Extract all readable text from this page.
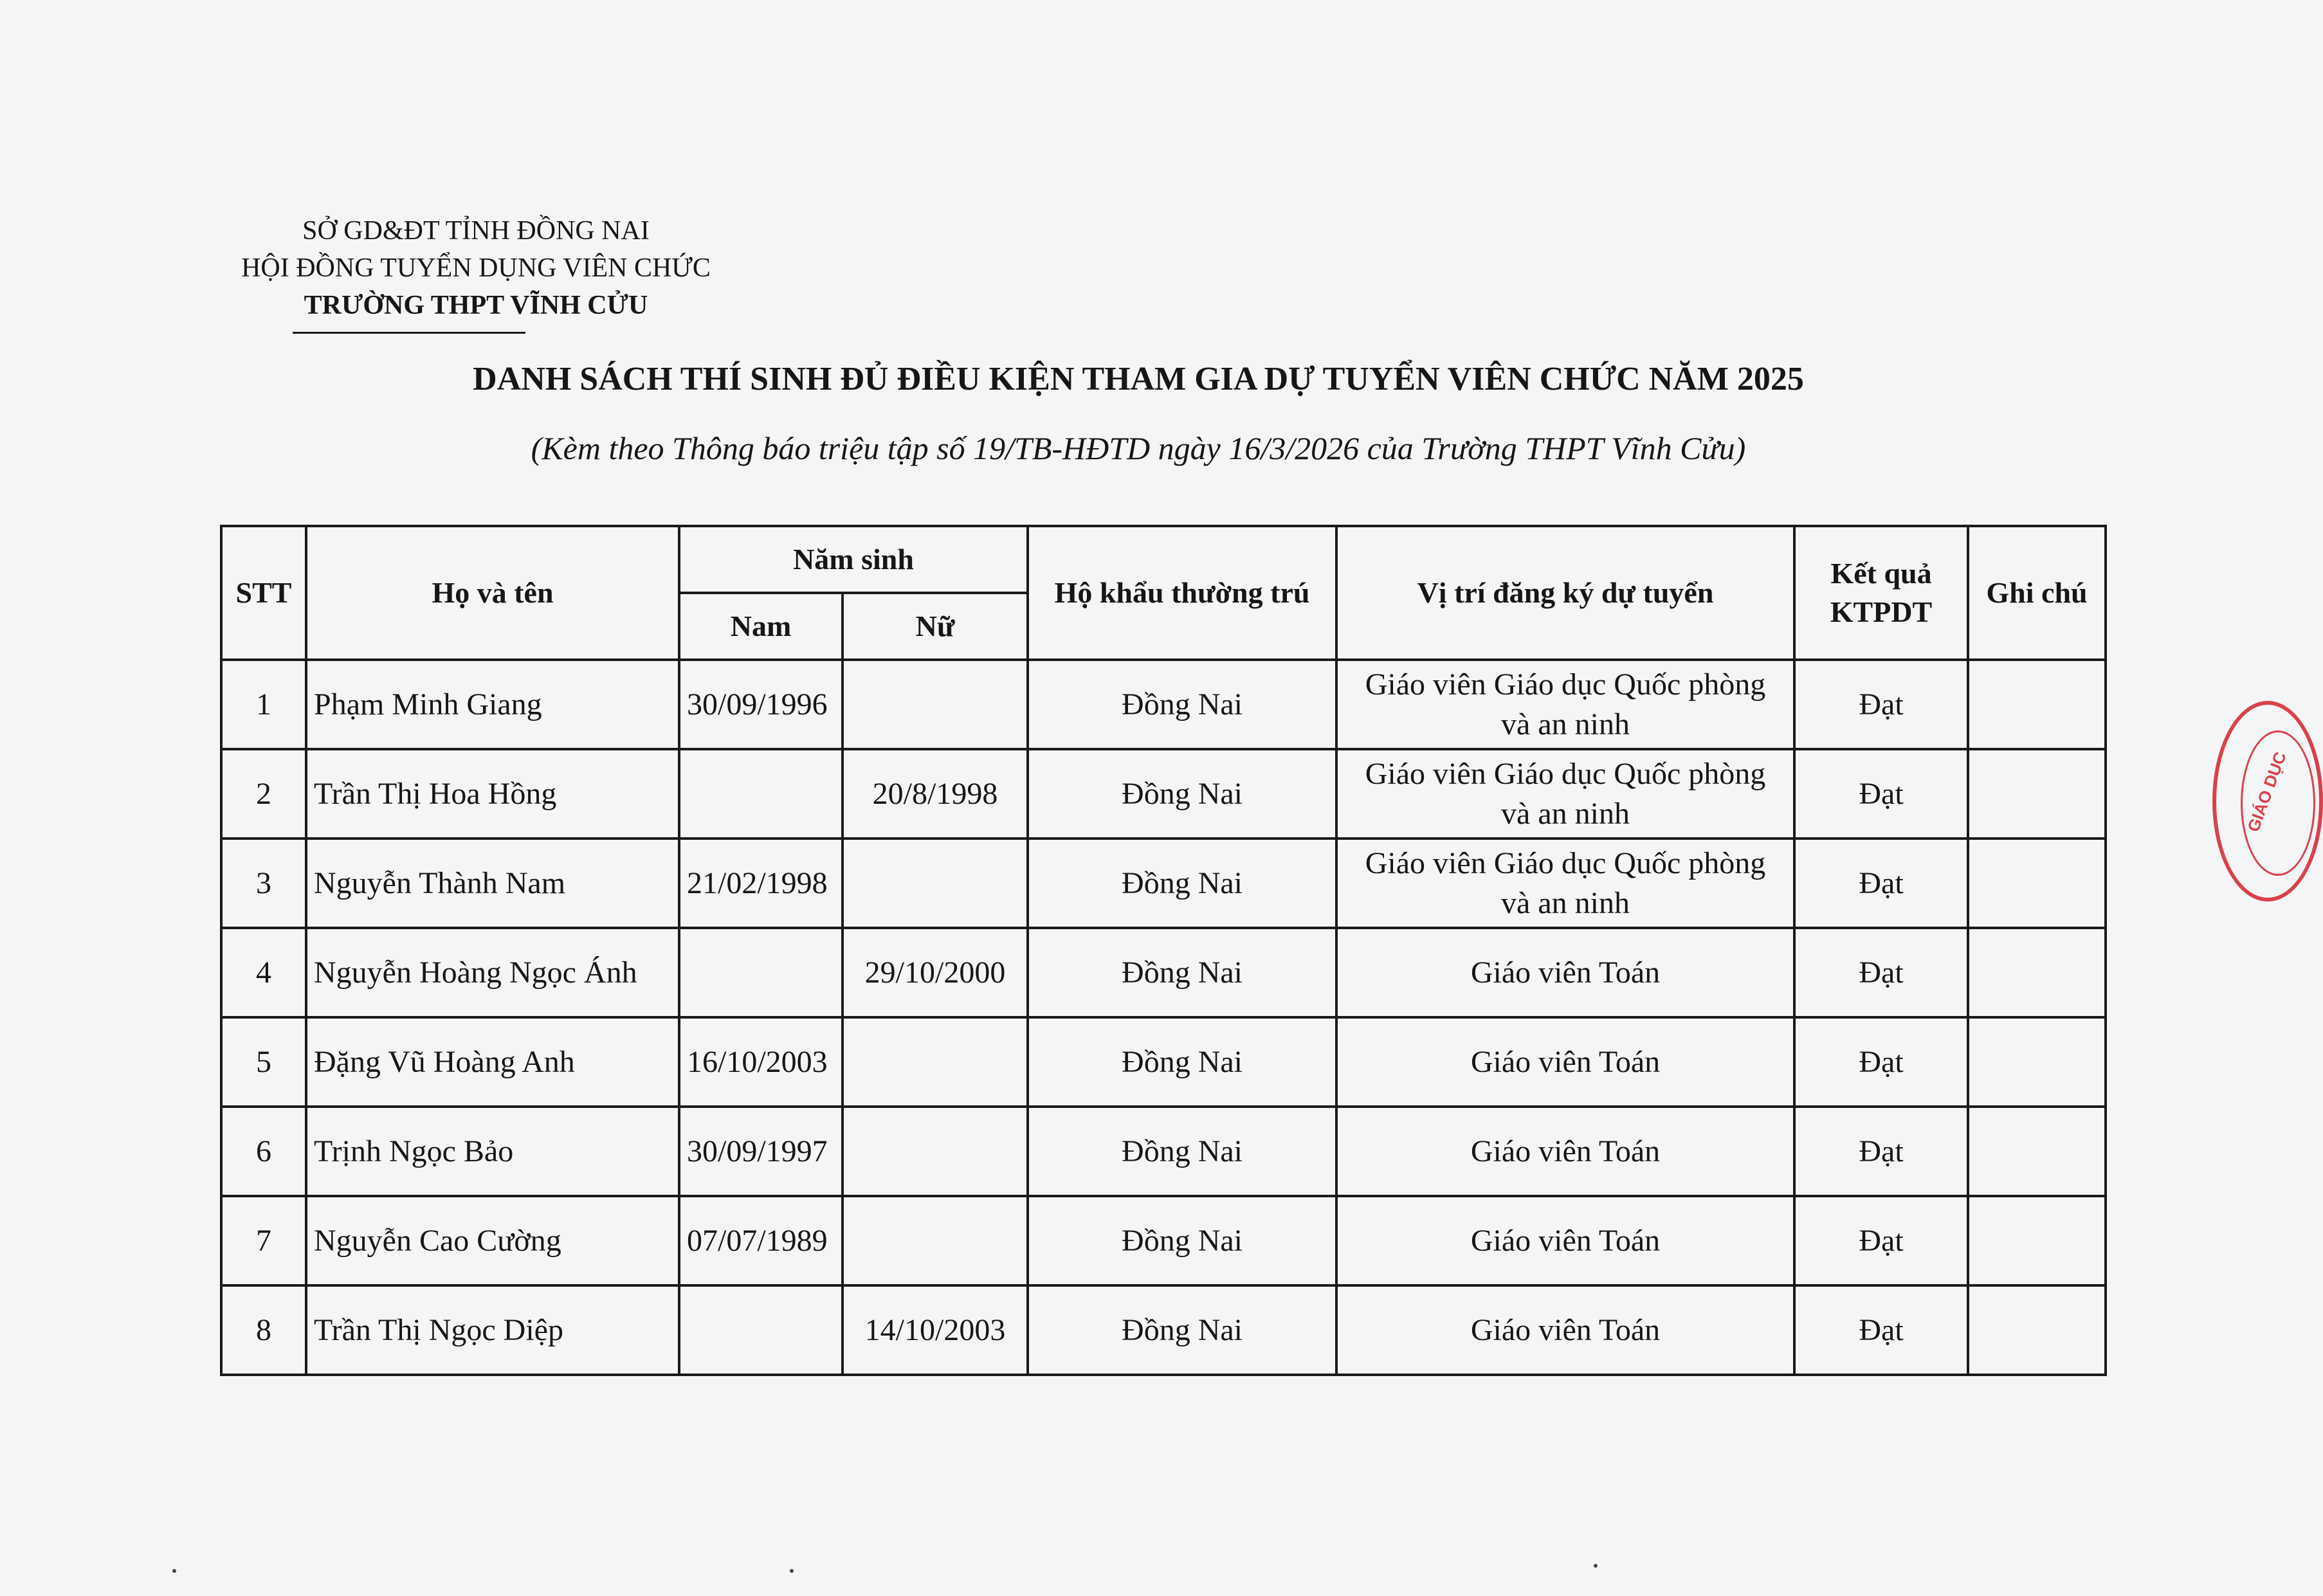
SỞ GD&ĐT TỈNH ĐỒNG NAI
HỘI ĐỒNG TUYỂN DỤNG VIÊN CHỨC
TRƯỜNG THPT VĨNH CỬU
DANH SÁCH THÍ SINH ĐỦ ĐIỀU KIỆN THAM GIA DỰ TUYỂN VIÊN CHỨC NĂM 2025
(Kèm theo Thông báo triệu tập số 19/TB-HĐTD ngày 16/3/2026 của Trường THPT Vĩnh Cửu)
STT	Họ và tên	Năm sinh		Hộ khẩu thường trú	Vị trí đăng ký dự tuyển	Kết quả
KTPDT	Ghi chú
		Nam	Nữ				
1	Phạm Minh Giang	30/09/1996		Đồng Nai	Giáo viên Giáo dục Quốc phòng
và an ninh	Đạt	
2	Trần Thị Hoa Hồng		20/8/1998	Đồng Nai	Giáo viên Giáo dục Quốc phòng
và an ninh	Đạt	
3	Nguyễn Thành Nam	21/02/1998		Đồng Nai	Giáo viên Giáo dục Quốc phòng
và an ninh	Đạt	
4	Nguyễn Hoàng Ngọc Ánh		29/10/2000	Đồng Nai	Giáo viên Toán	Đạt	
5	Đặng Vũ Hoàng Anh	16/10/2003		Đồng Nai	Giáo viên Toán	Đạt	
6	Trịnh Ngọc Bảo	30/09/1997		Đồng Nai	Giáo viên Toán	Đạt	
7	Nguyễn Cao Cường	07/07/1989		Đồng Nai	Giáo viên Toán	Đạt	
8	Trần Thị Ngọc Diệp		14/10/2003	Đồng Nai	Giáo viên Toán	Đạt	
GIÁO DỤC
